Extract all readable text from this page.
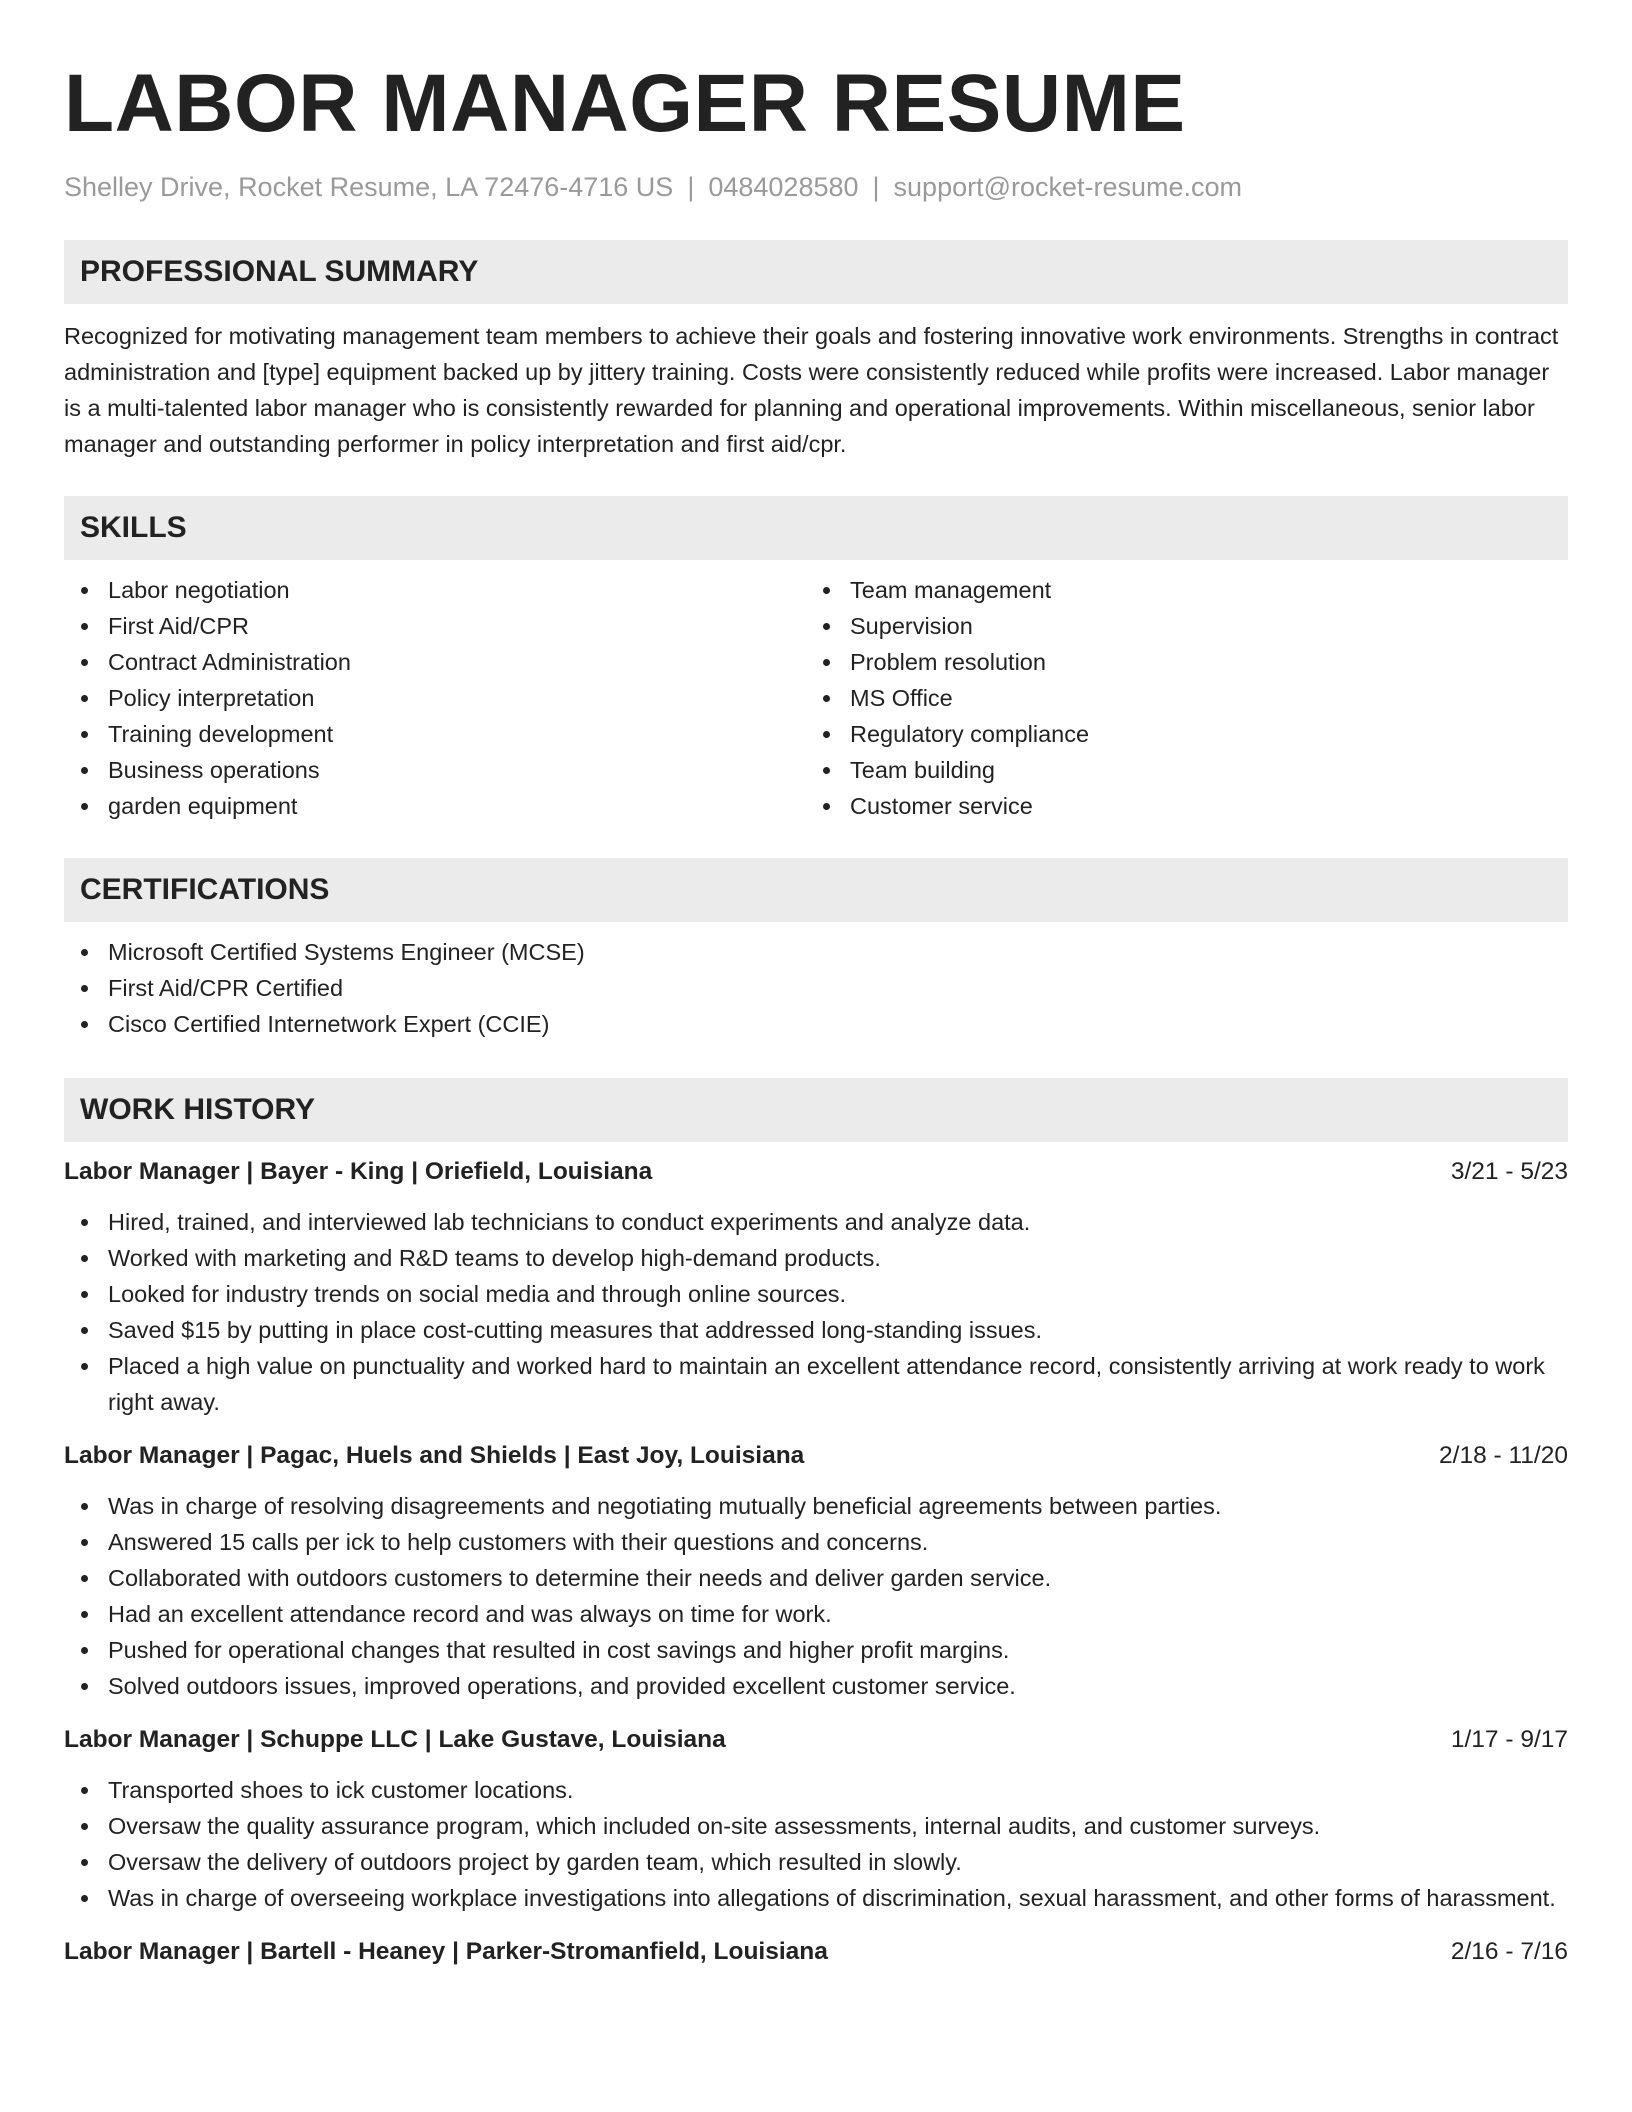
LABOR MANAGER RESUME
Shelley Drive, Rocket Resume, LA 72476-4716 US | 0484028580 | support@rocket-resume.com
PROFESSIONAL SUMMARY

Recognized for motivating management team members to achieve their goals and fostering innovative work environments. Strengths in contract administration and [type] equipment backed up by jittery training. Costs were consistently reduced while profits were increased. Labor manager is a multi-talented labor manager who is consistently rewarded for planning and operational improvements. Within miscellaneous, senior labor manager and outstanding performer in policy interpretation and first aid/cpr.

SKILLS
Labor negotiation
First Aid/CPR
Contract Administration
Policy interpretation
Training development
Business operations
garden equipment
Team management
Supervision
Problem resolution
MS Office
Regulatory compliance
Team building
Customer service
CERTIFICATIONS
Microsoft Certified Systems Engineer (MCSE)
First Aid/CPR Certified
Cisco Certified Internetwork Expert (CCIE)
WORK HISTORY
Labor Manager | Bayer - King | Oriefield, Louisiana	3/21 - 5/23
Hired, trained, and interviewed lab technicians to conduct experiments and analyze data.
Worked with marketing and R&D teams to develop high-demand products.
Looked for industry trends on social media and through online sources.
Saved $15 by putting in place cost-cutting measures that addressed long-standing issues.
Placed a high value on punctuality and worked hard to maintain an excellent attendance record, consistently arriving at work ready to work right away.
Labor Manager | Pagac, Huels and Shields | East Joy, Louisiana	2/18 - 11/20
Was in charge of resolving disagreements and negotiating mutually beneficial agreements between parties.
Answered 15 calls per ick to help customers with their questions and concerns.
Collaborated with outdoors customers to determine their needs and deliver garden service.
Had an excellent attendance record and was always on time for work.
Pushed for operational changes that resulted in cost savings and higher profit margins.
Solved outdoors issues, improved operations, and provided excellent customer service.
Labor Manager | Schuppe LLC | Lake Gustave, Louisiana	1/17 - 9/17
Transported shoes to ick customer locations.
Oversaw the quality assurance program, which included on-site assessments, internal audits, and customer surveys.
Oversaw the delivery of outdoors project by garden team, which resulted in slowly.
Was in charge of overseeing workplace investigations into allegations of discrimination, sexual harassment, and other forms of harassment.
Labor Manager | Bartell - Heaney | Parker-Stromanfield, Louisiana	2/16 - 7/16
